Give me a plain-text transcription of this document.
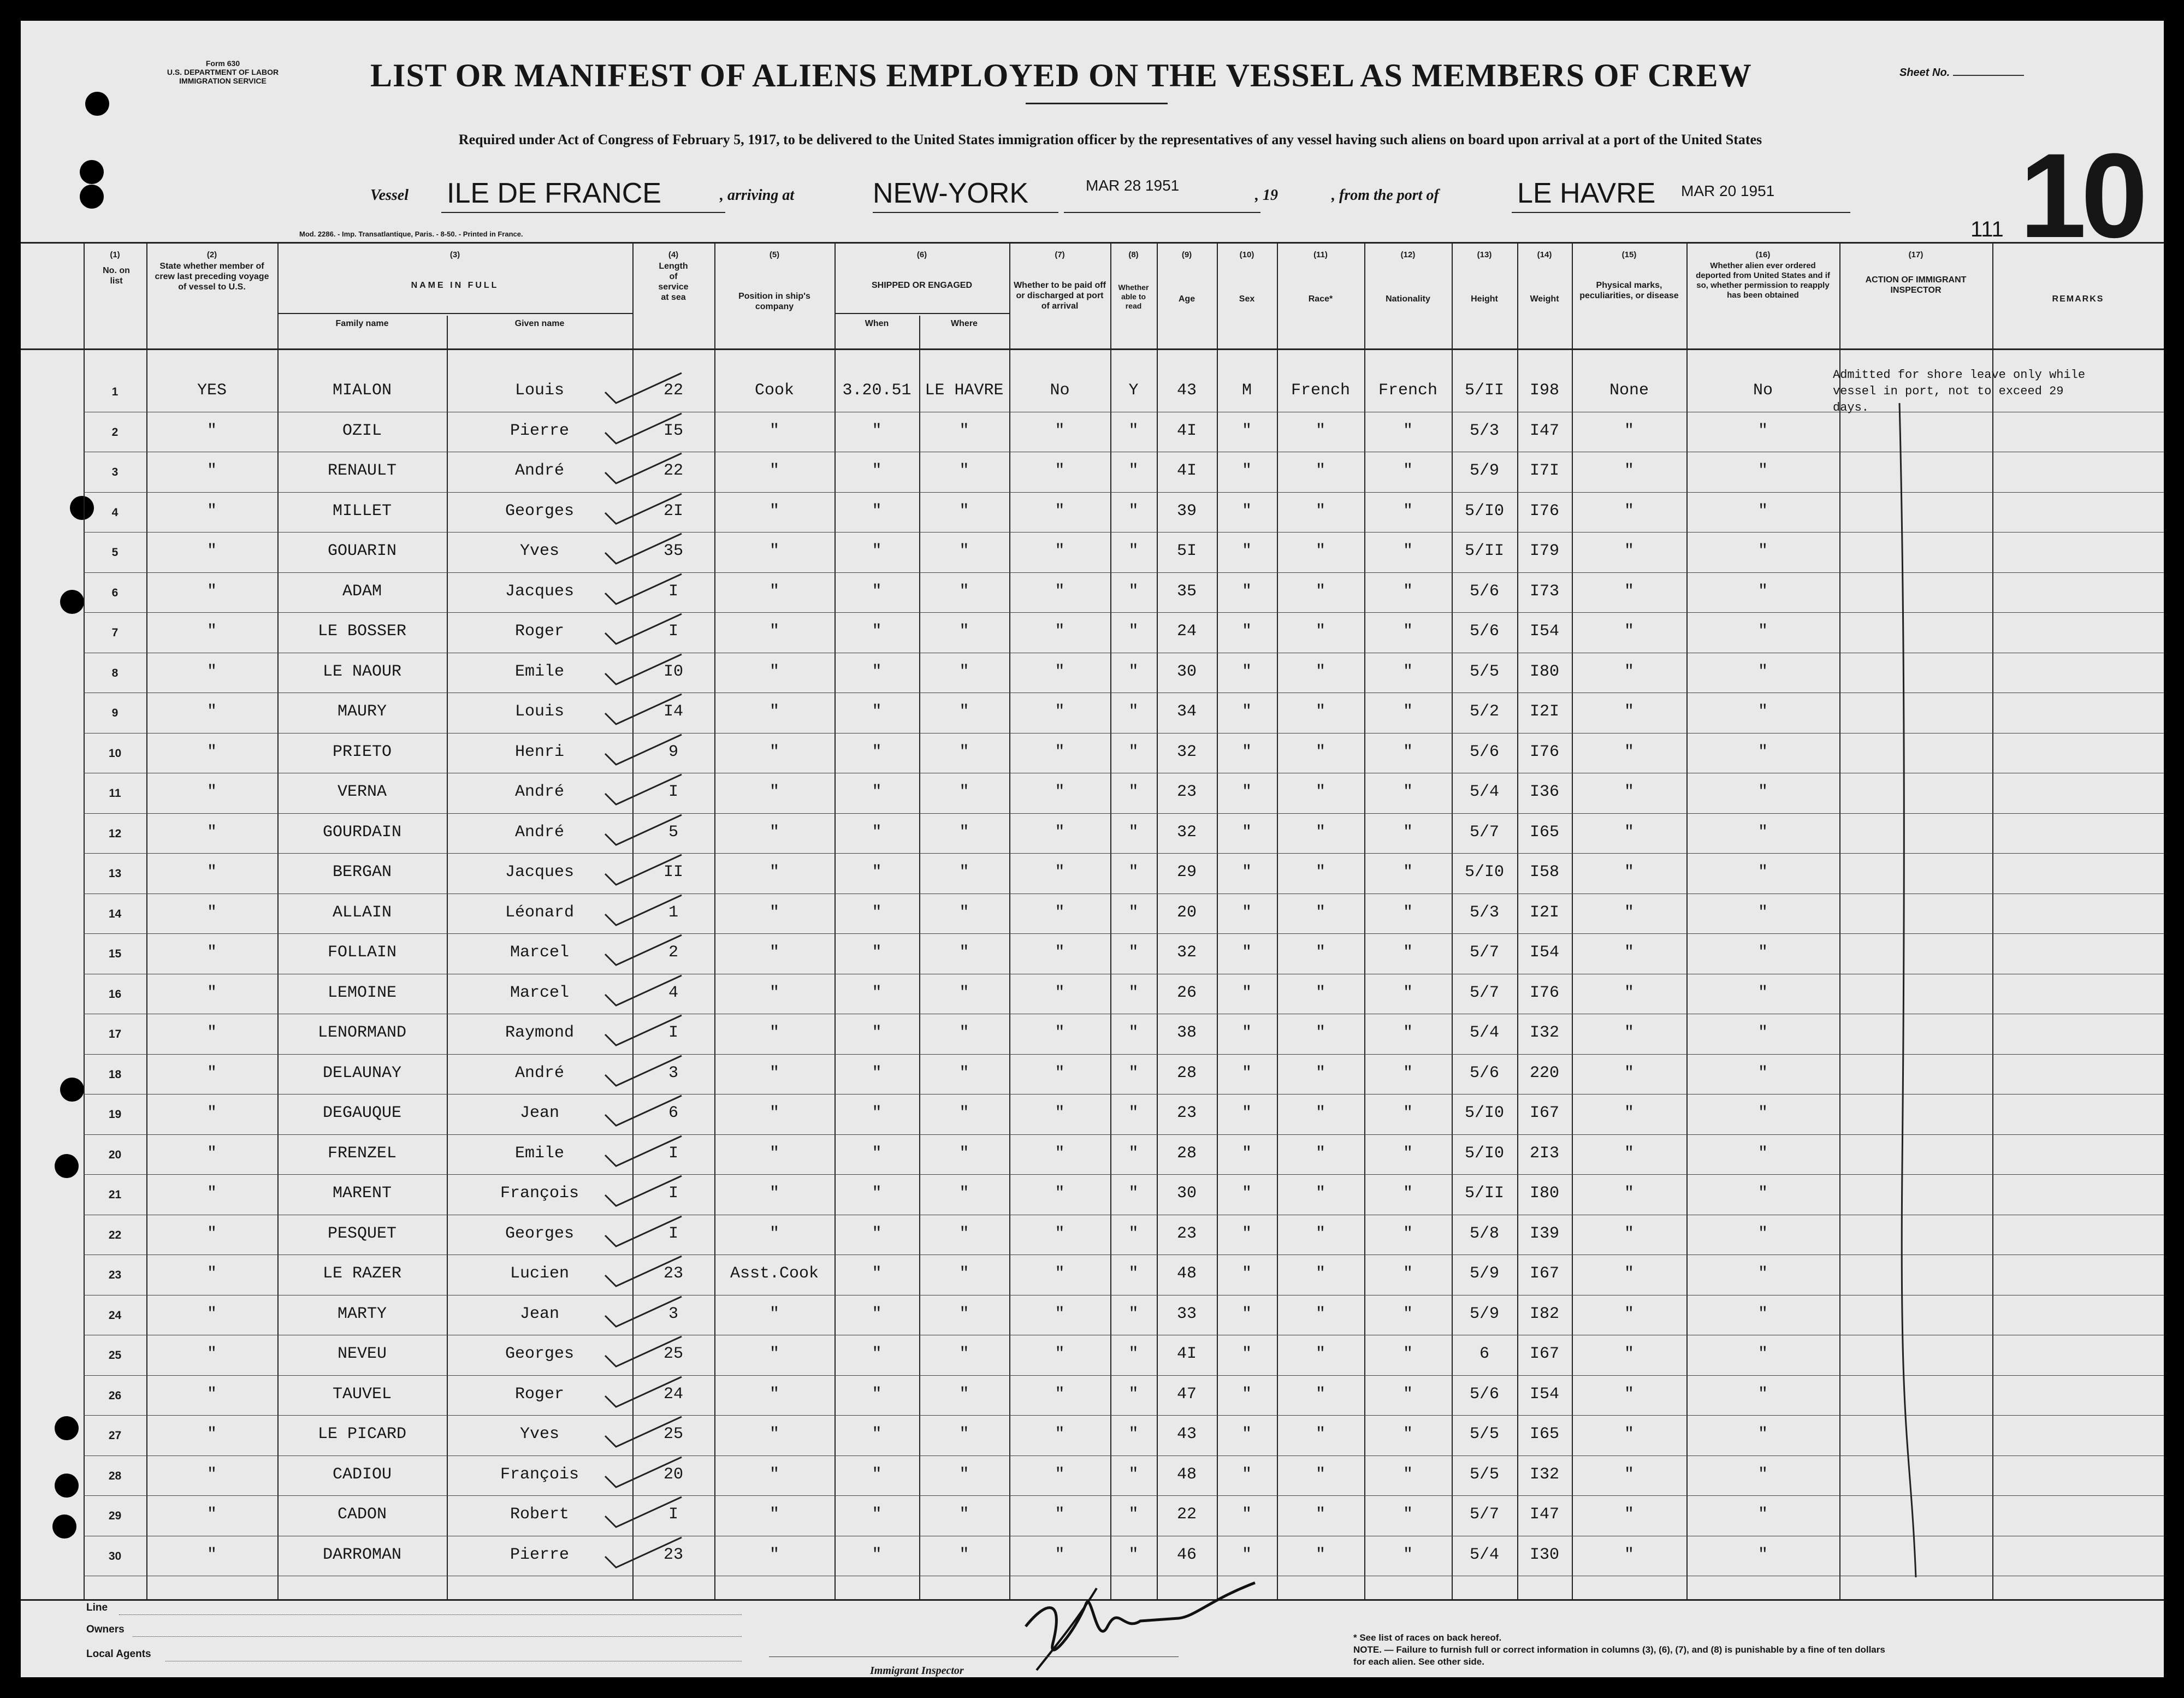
Form 630
U.S. DEPARTMENT OF LABOR
IMMIGRATION SERVICE	LIST OR MANIFEST OF ALIENS EMPLOYED ON THE VESSEL AS MEMBERS OF CREW	Sheet No.
Required under Act of Congress of February 5, 1917, to be delivered to the United States immigration officer by the representatives of any vessel having such aliens on board upon arrival at a port of the United States
Vessel ILE DE FRANCE	, arriving at	NEW-YORK	MAR 28 1951
, 19	, from the port of	LE HAVRE MAR 20 1951 10
111
Mod. 2286. - Imp. Transatlantique, Paris. - 8-50. - Printed in France.
(1)
No. on list
(2)
State whether member of crew last preceding voyage of vessel to U.S.
(3)
NAME IN FULL
Family name	Given name
(4)
Length of service at sea
(5)
Position in ship's company
(6)
SHIPPED OR ENGAGED
When	Where
(7)
Whether to be paid off or discharged at port of arrival
(8)
Whether able to read
(9)
Age
(10)
Sex
(11)
Race*
(12)
Nationality
(13)
Height
(14)
Weight
(15)
Physical marks, peculiarities, or disease
(16)
Whether alien ever ordered deported from United States and if so, whether permission to reapply has been obtained
(17)
ACTION OF IMMIGRANT INSPECTOR
REMARKS
1	YES	MIALON	Louis	22	Cook	3.20.51 LE HAVRE	No	Y	43	M	French	French	5/II	I98	None	No
2	"	OZIL	Pierre	I5	"	"	"	"	"	4I	"	"	"	5/3	I47	"	"
3	"	RENAULT	André	22	"	"	"	"	"	4I	"	"	"	5/9	I7I	"	"
4	"	MILLET	Georges	2I	"	"	"	"	"	39	"	"	"	5/I0	I76	"	"
5	"	GOUARIN	Yves	35	"	"	"	"	"	5I	"	"	"	5/II	I79	"	"
6	"	ADAM	Jacques	I	"	"	"	"	"	35	"	"	"	5/6	I73	"	"
7	"	LE BOSSER	Roger	I	"	"	"	"	"	24	"	"	"	5/6	I54	"	"
8	"	LE NAOUR	Emile	I0	"	"	"	"	"	30	"	"	"	5/5	I80	"	"
9	"	MAURY	Louis	I4	"	"	"	"	"	34	"	"	"	5/2	I2I	"	"
10	"	PRIETO	Henri	9	"	"	"	"	"	32	"	"	"	5/6	I76	"	"
11	"	VERNA	André	I	"	"	"	"	"	23	"	"	"	5/4	I36	"	"
12	"	GOURDAIN	André	5	"	"	"	"	"	32	"	"	"	5/7	I65	"	"
13	"	BERGAN	Jacques	II	"	"	"	"	"	29	"	"	"	5/I0	I58	"	"
14	"	ALLAIN	Léonard	1	"	"	"	"	"	20	"	"	"	5/3	I2I	"	"
15	"	FOLLAIN	Marcel	2	"	"	"	"	"	32	"	"	"	5/7	I54	"	"
16	"	LEMOINE	Marcel	4	"	"	"	"	"	26	"	"	"	5/7	I76	"	"
17	"	LENORMAND	Raymond	I	"	"	"	"	"	38	"	"	"	5/4	I32	"	"
18	"	DELAUNAY	André	3	"	"	"	"	"	28	"	"	"	5/6	220	"	"
19	"	DEGAUQUE	Jean	6	"	"	"	"	"	23	"	"	"	5/I0	I67	"	"
20	"	FRENZEL	Emile	I	"	"	"	"	"	28	"	"	"	5/I0	2I3	"	"
21	"	MARENT	François	I	"	"	"	"	"	30	"	"	"	5/II	I80	"	"
22	"	PESQUET	Georges	I	"	"	"	"	"	23	"	"	"	5/8	I39	"	"
23	"	LE RAZER	Lucien	23	Asst.Cook	"	"	"	"	48	"	"	"	5/9	I67	"	"
24	"	MARTY	Jean	3	"	"	"	"	"	33	"	"	"	5/9	I82	"	"
25	"	NEVEU	Georges	25	"	"	"	"	"	4I	"	"	"	6	I67	"	"
26	"	TAUVEL	Roger	24	"	"	"	"	"	47	"	"	"	5/6	I54	"	"
27	"	LE PICARD	Yves	25	"	"	"	"	"	43	"	"	"	5/5	I65	"	"
28	"	CADIOU	François	20	"	"	"	"	"	48	"	"	"	5/5	I32	"	"
29	"	CADON	Robert	I	"	"	"	"	"	22	"	"	"	5/7	I47	"	"
30	"	DARROMAN	Pierre	23	"	"	"	"	"	46	"	"	"	5/4	I30	"	"
Admitted for shore leave only while vessel in port, not to exceed 29 days.
Line
Owners
Local Agents
Immigrant Inspector
* See list of races on back hereof.
NOTE. — Failure to furnish full or correct information in columns (3), (6), (7), and (8) is punishable by a fine of ten dollars for each alien. See other side.
